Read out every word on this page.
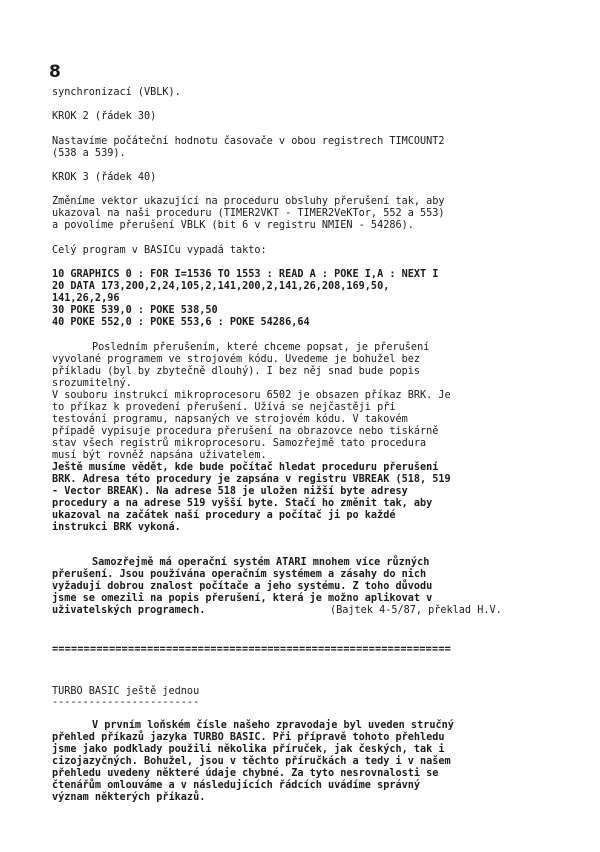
8
synchronizací (VBLK).
KROK 2 (řádek 30)
Nastavíme počáteční hodnotu časovače v obou registrech TIMCOUNT2
(538 a 539).
KROK 3 (řádek 40)
Změníme vektor ukazující na proceduru obsluhy přerušení tak, aby
ukazoval na naši proceduru (TIMER2VKT - TIMER2VeKTor, 552 a 553)
a povolíme přerušení VBLK (bit 6 v registru NMIEN - 54286).
Celý program v BASICu vypadá takto:
10 GRAPHICS 0 : FOR I=1536 TO 1553 : READ A : POKE I,A : NEXT I
20 DATA 173,200,2,24,105,2,141,200,2,141,26,208,169,50,
141,26,2,96
30 POKE 539,0 : POKE 538,50
40 POKE 552,0 : POKE 553,6 : POKE 54286,64
Posledním přerušením, které chceme popsat, je přerušení
vyvolané programem ve strojovém kódu. Uvedeme je bohužel bez
příkladu (byl by zbytečně dlouhý). I bez něj snad bude popis
srozumitelný.
V souboru instrukcí mikroprocesoru 6502 je obsazen příkaz BRK. Je
to příkaz k provedení přerušení. Užívá se nejčastěji při
testování programu, napsaných ve strojovém kódu. V takovém
případě vypisuje procedura přerušení na obrazovce nebo tiskárně
stav všech registrů mikroprocesoru. Samozřejmě tato procedura
musí být rovněž napsána uživatelem.
Ještě musíme vědět, kde bude počítač hledat proceduru přerušení
BRK. Adresa této procedury je zapsána v registru VBREAK (518, 519
- Vector BREAK). Na adrese 518 je uložen nižší byte adresy
procedury a na adrese 519 vyšší byte. Stačí ho změnit tak, aby
ukazoval na začátek naší procedury a počítač ji po každé
instrukci BRK vykoná.
Samozřejmě má operační systém ATARI mnohem více různých
přerušení. Jsou používána operačním systémem a zásahy do nich
vyžadují dobrou znalost počítače a jeho systému. Z toho důvodu
jsme se omezili na popis přerušení, která je možno aplikovat v
uživatelských programech.	(Bajtek 4-5/87, překlad H.V.
===============================================================
TURBO BASIC ještě jednou
------------------------
V prvním loňském čísle našeho zpravodaje byl uveden stručný
přehled příkazů jazyka TURBO BASIC. Při přípravě tohoto přehledu
jsme jako podklady použili několika příruček, jak českých, tak i
cizojazyčných. Bohužel, jsou v těchto příručkách a tedy i v našem
přehledu uvedeny některé údaje chybné. Za tyto nesrovnalosti se
čtenářům omlouváme a v následujících řádcích uvádíme správný
význam některých příkazů.
